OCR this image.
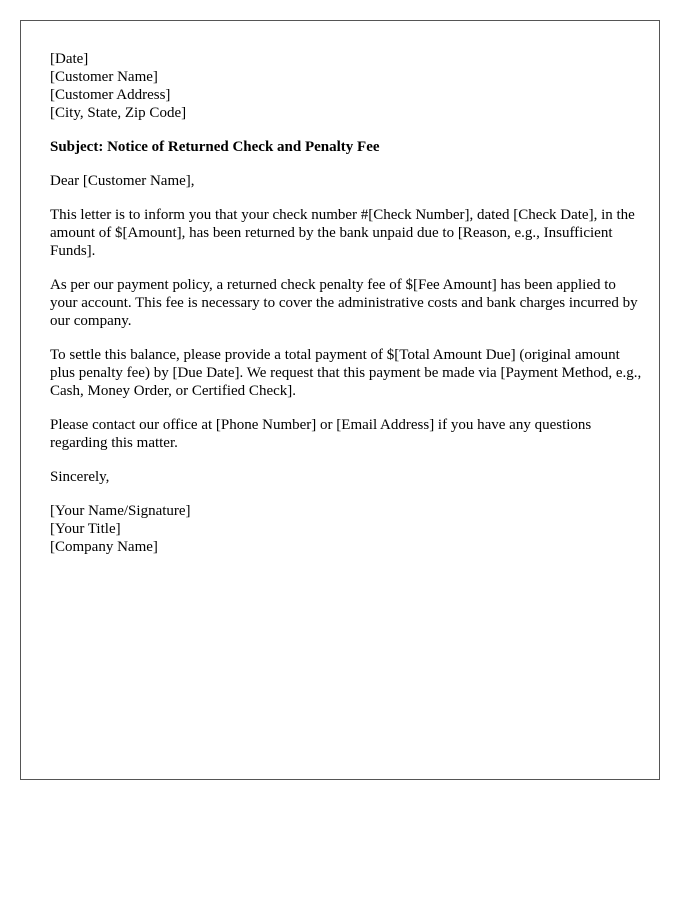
[Date]
[Customer Name]
[Customer Address]
[City, State, Zip Code]

Subject: Notice of Returned Check and Penalty Fee

Dear [Customer Name],

This letter is to inform you that your check number #[Check Number], dated [Check Date], in the amount of $[Amount], has been returned by the bank unpaid due to [Reason, e.g., Insufficient Funds].

As per our payment policy, a returned check penalty fee of $[Fee Amount] has been applied to your account. This fee is necessary to cover the administrative costs and bank charges incurred by our company.

To settle this balance, please provide a total payment of $[Total Amount Due] (original amount plus penalty fee) by [Due Date]. We request that this payment be made via [Payment Method, e.g., Cash, Money Order, or Certified Check].

Please contact our office at [Phone Number] or [Email Address] if you have any questions regarding this matter.

Sincerely,

[Your Name/Signature]
[Your Title]
[Company Name]
